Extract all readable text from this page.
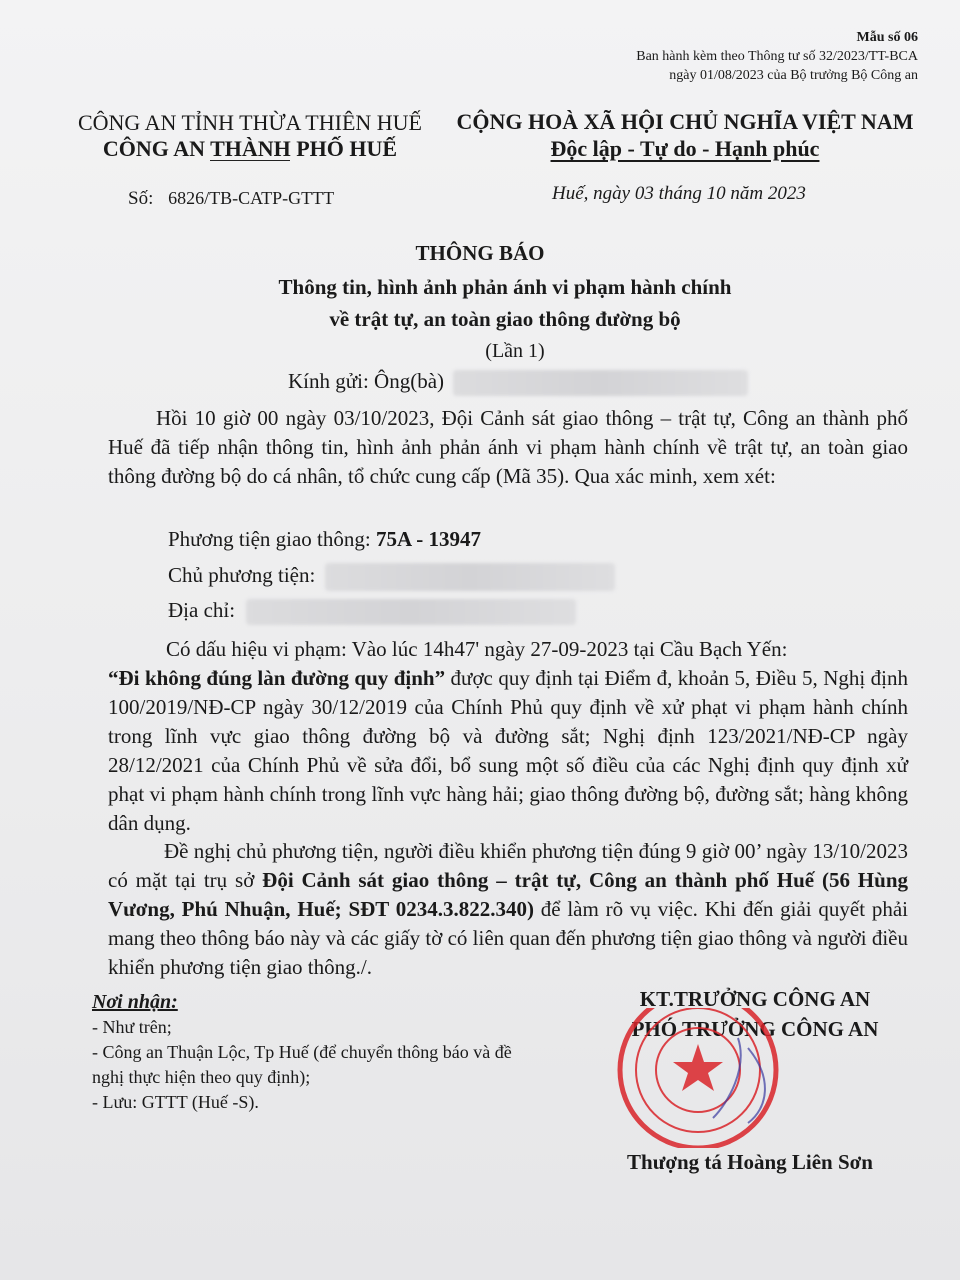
Mẫu số 06
Ban hành kèm theo Thông tư số 32/2023/TT-BCA
ngày 01/08/2023 của Bộ trưởng Bộ Công an
CÔNG AN TỈNH THỪA THIÊN HUẾ
CÔNG AN THÀNH PHỐ HUẾ
CỘNG HOÀ XÃ HỘI CHỦ NGHĨA VIỆT NAM
Độc lập - Tự do - Hạnh phúc
Số: 6826/TB-CATP-GTTT	Huế, ngày 03 tháng 10 năm 2023
THÔNG BÁO
Thông tin, hình ảnh phản ánh vi phạm hành chính
về trật tự, an toàn giao thông đường bộ
(Lần 1)
Kính gửi: Ông(bà)
Hồi 10 giờ 00 ngày 03/10/2023, Đội Cảnh sát giao thông – trật tự, Công an thành phố Huế đã tiếp nhận thông tin, hình ảnh phản ánh vi phạm hành chính về trật tự, an toàn giao thông đường bộ do cá nhân, tổ chức cung cấp (Mã 35). Qua xác minh, xem xét:
Phương tiện giao thông: 75A - 13947
Chủ phương tiện:
Địa chỉ:
Có dấu hiệu vi phạm: Vào lúc 14h47' ngày 27-09-2023 tại Cầu Bạch Yến:
“Đi không đúng làn đường quy định” được quy định tại Điểm đ, khoản 5, Điều 5, Nghị định 100/2019/NĐ-CP ngày 30/12/2019 của Chính Phủ quy định về xử phạt vi phạm hành chính trong lĩnh vực giao thông đường bộ và đường sắt; Nghị định 123/2021/NĐ-CP ngày 28/12/2021 của Chính Phủ về sửa đổi, bổ sung một số điều của các Nghị định quy định xử phạt vi phạm hành chính trong lĩnh vực hàng hải; giao thông đường bộ, đường sắt; hàng không dân dụng.
Đề nghị chủ phương tiện, người điều khiển phương tiện đúng 9 giờ 00’ ngày 13/10/2023 có mặt tại trụ sở Đội Cảnh sát giao thông – trật tự, Công an thành phố Huế (56 Hùng Vương, Phú Nhuận, Huế; SĐT 0234.3.822.340) để làm rõ vụ việc. Khi đến giải quyết phải mang theo thông báo này và các giấy tờ có liên quan đến phương tiện giao thông và người điều khiển phương tiện giao thông./.
Nơi nhận:
- Như trên;
- Công an Thuận Lộc, Tp Huế (để chuyển thông báo và đề nghị thực hiện theo quy định);
- Lưu: GTTT (Huế -S).
KT.TRƯỞNG CÔNG AN
PHÓ TRƯỞNG CÔNG AN
Thượng tá Hoàng Liên Sơn
